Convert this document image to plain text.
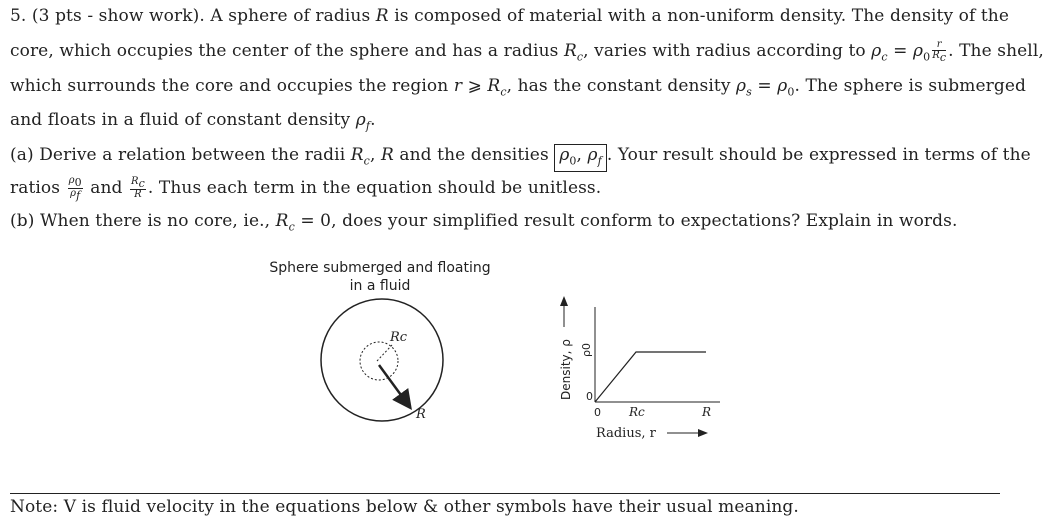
5. (3 pts - show work). A sphere of radius R is composed of material with a non-uniform density. The density of the
core, which occupies the center of the sphere and has a radius $R_c$, varies with radius according to $\rho_c = \rho_0 \frac{r}{R_c}$ . The shell,
which surrounds the core and occupies the region r ⩾ $R_c$, has the constant density $\rho_s = \rho_0$. The sphere is submerged
and floats in a fluid of constant density $\rho_f$.
(a) Derive a relation between the radii $R_c$, R and the densities $\rho_0$, $\rho_f$ . Your result should be expressed in terms of the
ratios $\frac{\rho_0}{\rho_f}$ and $\frac{R_c}{R}$ . Thus each term in the equation should be unitless.
(b) When there is no core, ie., $R_c = 0$, does your simplified result conform to expectations? Explain in words.
Sphere submerged and floating
in a fluid
Rc
R
Density, ρ ρ0
0
0 Rc	R
Radius, r
Note: V is fluid velocity in the equations below & other symbols have their usual meaning.
